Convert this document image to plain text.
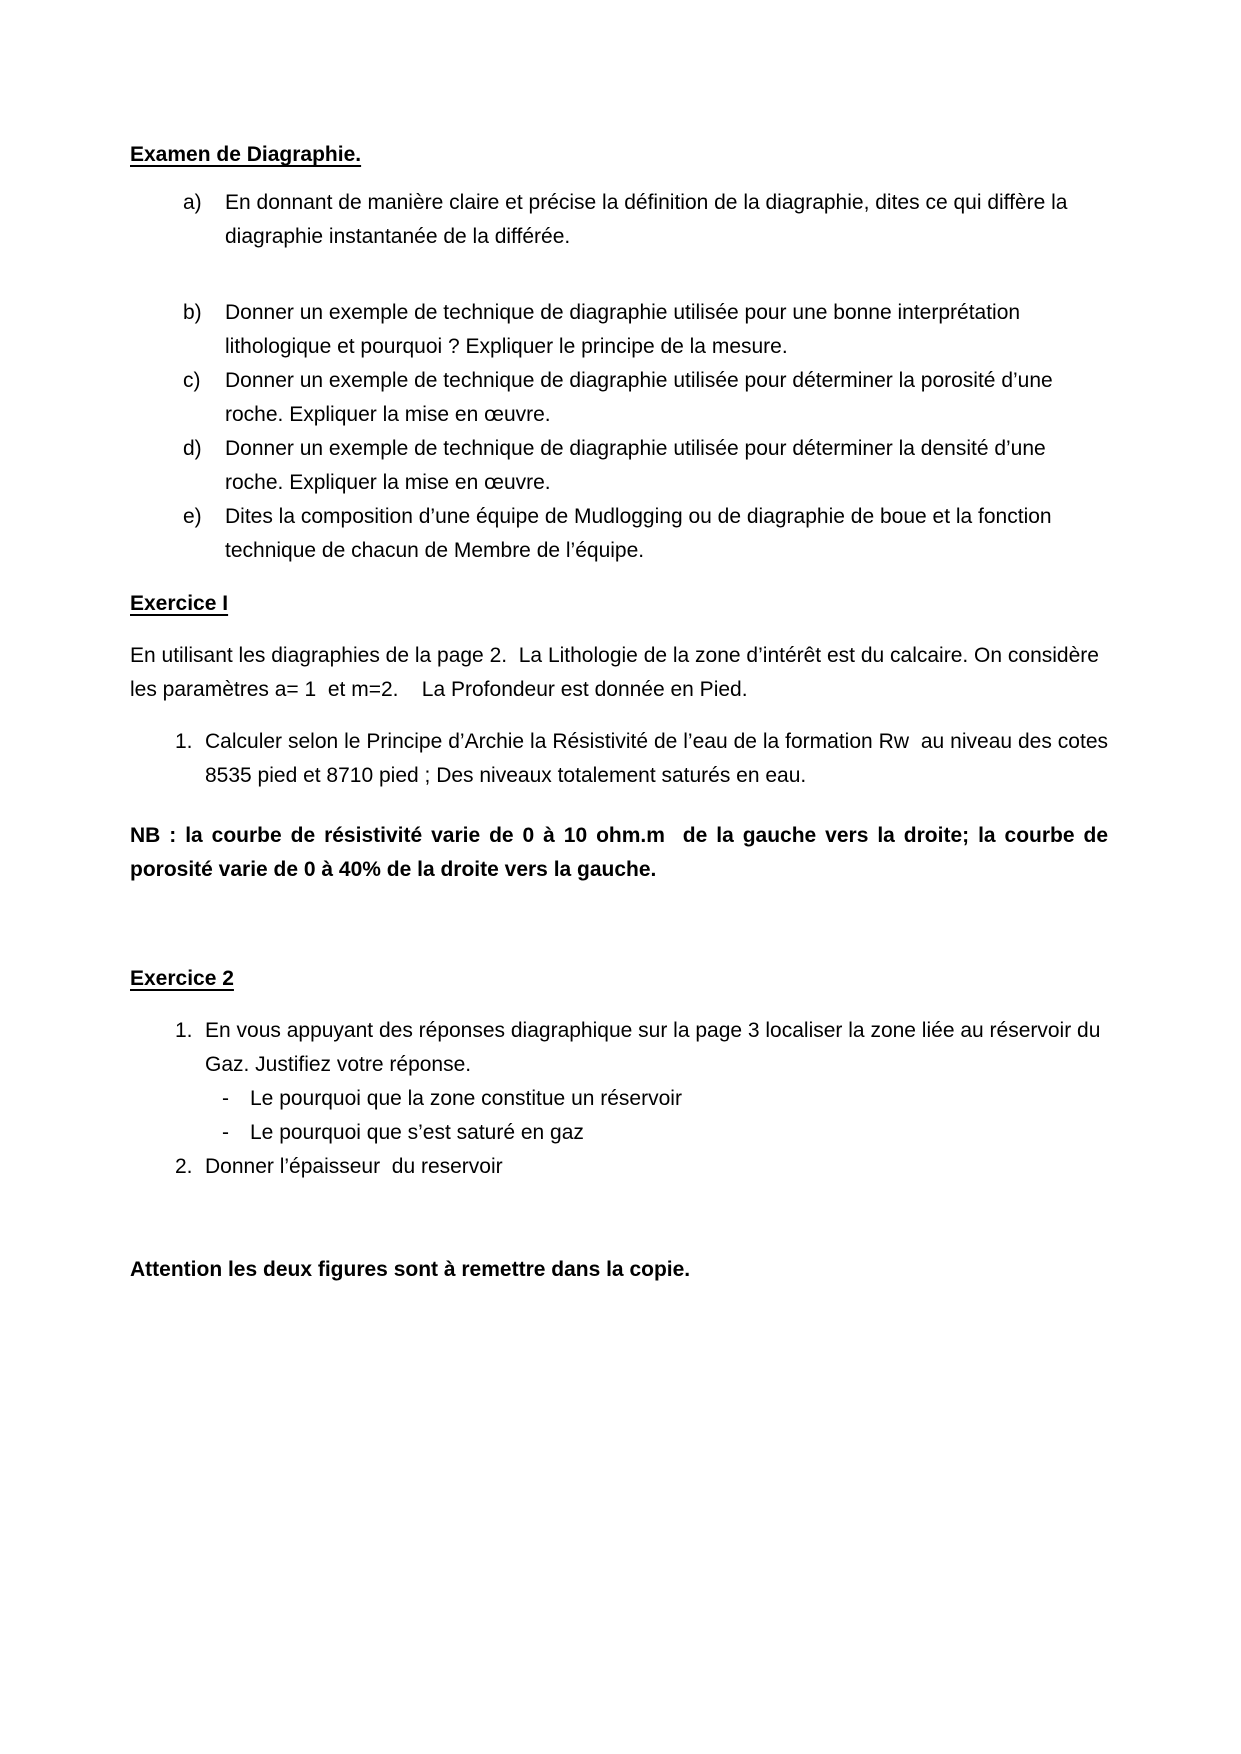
Examen de Diagraphie.
a)	En donnant de manière claire et précise la définition de la diagraphie, dites ce qui diffère la diagraphie instantanée de la différée.
b)	Donner un exemple de technique de diagraphie utilisée pour une bonne interprétation lithologique et pourquoi ? Expliquer le principe de la mesure.
c)	Donner un exemple de technique de diagraphie utilisée pour déterminer la porosité d’une roche. Expliquer la mise en œuvre.
d)	Donner un exemple de technique de diagraphie utilisée pour déterminer la densité d’une roche. Expliquer la mise en œuvre.
e)	Dites la composition d’une équipe de Mudlogging ou de diagraphie de boue et la fonction technique de chacun de Membre de l’équipe.
Exercice I

En utilisant les diagraphies de la page 2.  La Lithologie de la zone d’intérêt est du calcaire. On considère les paramètres a= 1  et m=2.    La Profondeur est donnée en Pied.

1. Calculer selon le Principe d’Archie la Résistivité de l’eau de la formation Rw  au niveau des cotes 8535 pied et 8710 pied ; Des niveaux totalement saturés en eau.

NB : la courbe de résistivité varie de 0 à 10 ohm.m  de la gauche vers la droite; la courbe de porosité varie de 0 à 40% de la droite vers la gauche.

Exercice 2
1. En vous appuyant des réponses diagraphique sur la page 3 localiser la zone liée au réservoir du Gaz. Justifiez votre réponse.
-	Le pourquoi que la zone constitue un réservoir
-	Le pourquoi que s’est saturé en gaz
2. Donner l’épaisseur  du reservoir

Attention les deux figures sont à remettre dans la copie.
